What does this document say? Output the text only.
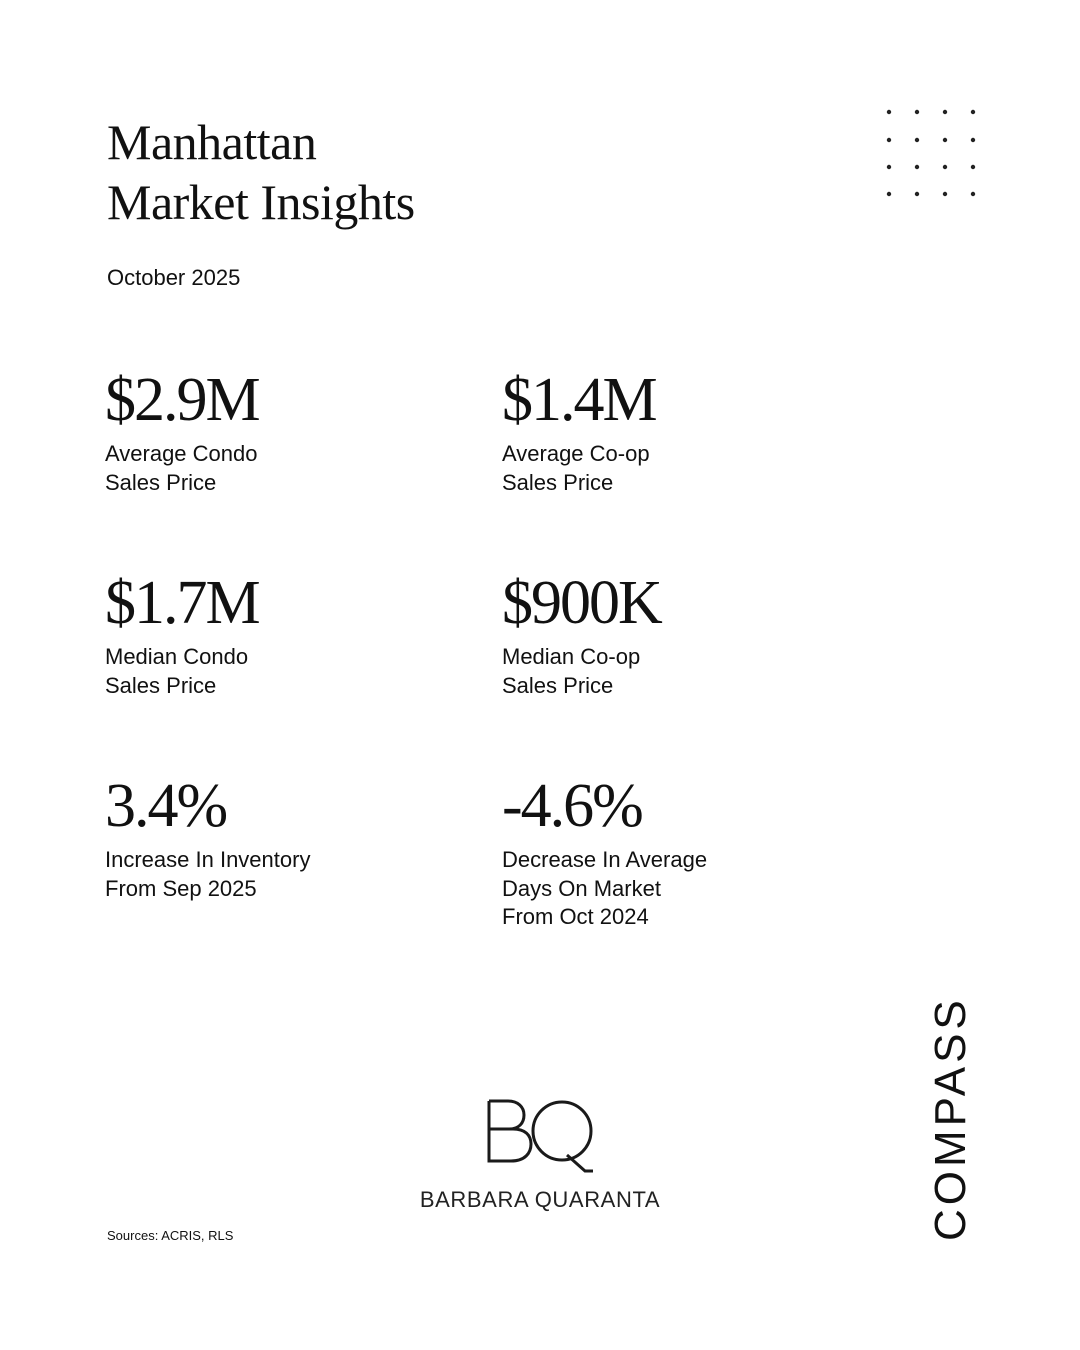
Manhattan
Market Insights
October 2025
$2.9M
Average Condo
Sales Price
$1.4M
Average Co-op
Sales Price
$1.7M
Median Condo
Sales Price
$900K
Median Co-op
Sales Price
3.4%
Increase In Inventory
From Sep 2025
-4.6%
Decrease In Average
Days On Market
From Oct 2024
BARBARA QUARANTA	COMPASS
Sources: ACRIS, RLS
